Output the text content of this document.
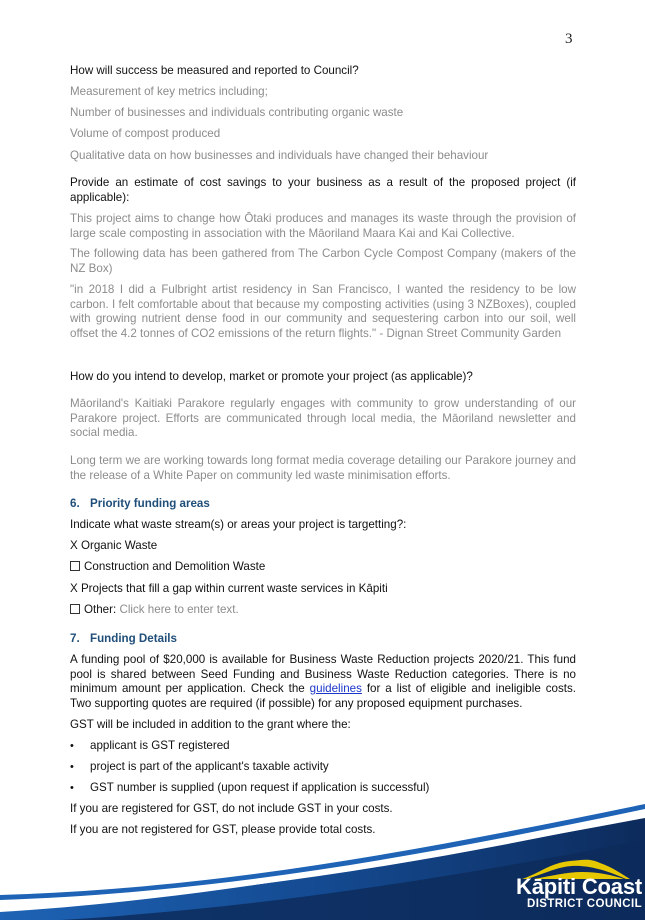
3
How will success be measured and reported to Council?
Measurement of key metrics including;
Number of businesses and individuals contributing organic waste
Volume of compost produced
Qualitative data on how businesses and individuals have changed their behaviour
Provide an estimate of cost savings to your business as a result of the proposed project (if applicable):
This project aims to change how Ōtaki produces and manages its waste through the provision of large scale composting in association with the Māoriland Maara Kai and Kai Collective.
The following data has been gathered from The Carbon Cycle Compost Company (makers of the NZ Box)
"in 2018 I did a Fulbright artist residency in San Francisco, I wanted the residency to be low carbon. I felt comfortable about that because my composting activities (using 3 NZBoxes), coupled with growing nutrient dense food in our community and sequestering carbon into our soil, well offset the 4.2 tonnes of CO2 emissions of the return flights." - Dignan Street Community Garden
How do you intend to develop, market or promote your project (as applicable)?
Māoriland's Kaitiaki Parakore regularly engages with community to grow understanding of our Parakore project. Efforts are communicated through local media, the Māoriland newsletter and social media.
Long term we are working towards long format media coverage detailing our Parakore journey and the release of a White Paper on community led waste minimisation efforts.
6. Priority funding areas
Indicate what waste stream(s) or areas your project is targetting?:
X Organic Waste
Construction and Demolition Waste
X Projects that fill a gap within current waste services in Kāpiti
Other: Click here to enter text.
7. Funding Details
A funding pool of $20,000 is available for Business Waste Reduction projects 2020/21. This fund pool is shared between Seed Funding and Business Waste Reduction categories. There is no minimum amount per application. Check the guidelines for a list of eligible and ineligible costs. Two supporting quotes are required (if possible) for any proposed equipment purchases.
GST will be included in addition to the grant where the:
• applicant is GST registered
• project is part of the applicant's taxable activity
• GST number is supplied (upon request if application is successful)
If you are registered for GST, do not include GST in your costs.
If you are not registered for GST, please provide total costs.
Kāpiti Coast
DISTRICT COUNCIL
